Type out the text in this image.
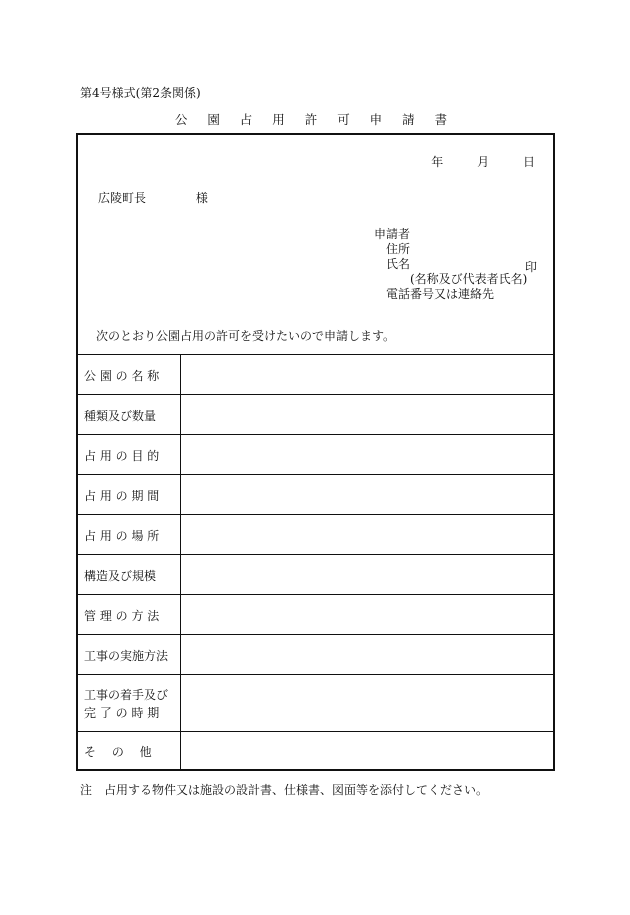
第4号様式(第2条関係)
公 園 占 用 許 可 申 請 書
年	月	日
広陵町長	様
申請者
住所
氏名
(名称及び代表者氏名)
電話番号又は連絡先
印
次のとおり公園占用の許可を受けたいので申請します。
公 園 の 名 称
種類及び数量
占 用 の 目 的
占 用 の 期 間
占 用 の 場 所
構造及び規模
管 理 の 方 法
工事の実施方法
工事の着手及び
完 了 の 時 期
そ　 の 　他
注　占用する物件又は施設の設計書、仕様書、図面等を添付してください。
